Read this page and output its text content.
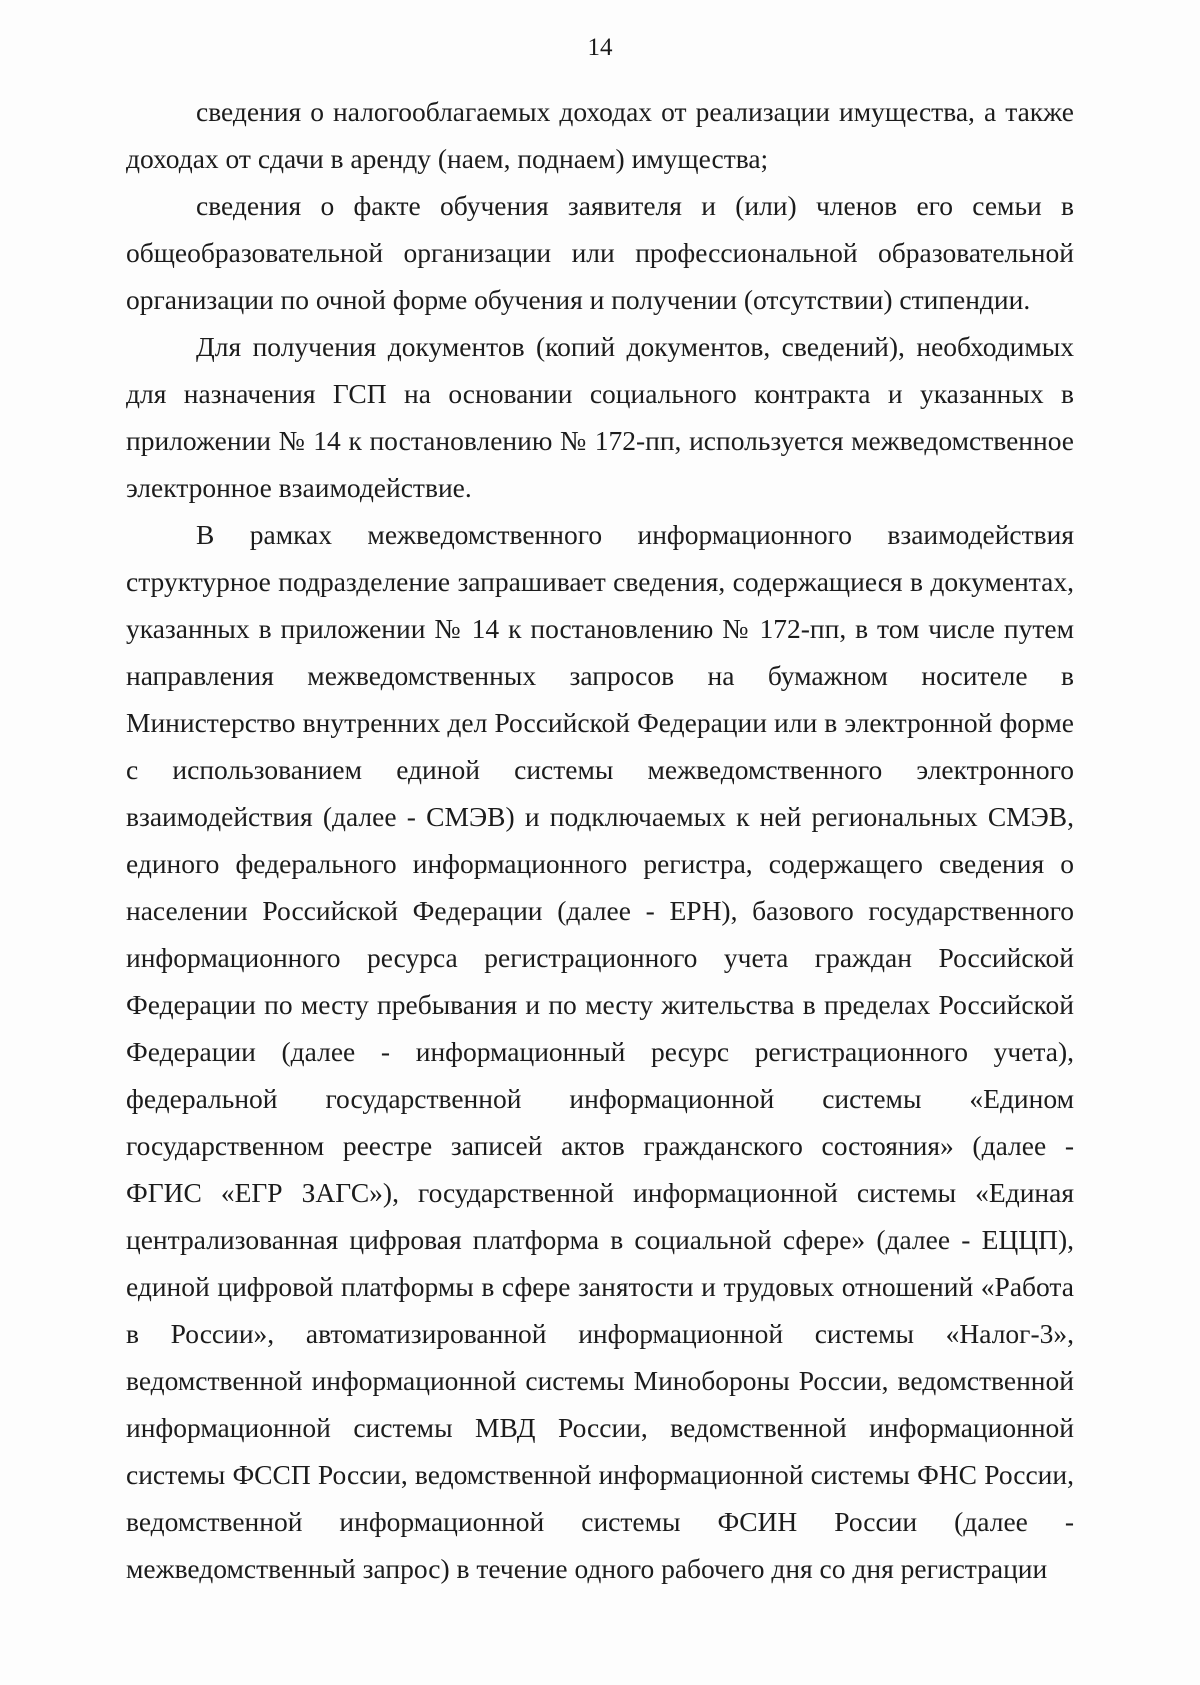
14

сведения о налогооблагаемых доходах от реализации имущества, а также доходах от сдачи в аренду (наем, поднаем) имущества;

сведения о факте обучения заявителя и (или) членов его семьи в общеобразовательной организации или профессиональной образовательной организации по очной форме обучения и получении (отсутствии) стипендии.

Для получения документов (копий документов, сведений), необходимых для назначения ГСП на основании социального контракта и указанных в приложении № 14 к постановлению № 172-пп, используется межведомственное электронное взаимодействие.

В рамках межведомственного информационного взаимодействия структурное подразделение запрашивает сведения, содержащиеся в документах, указанных в приложении № 14 к постановлению № 172-пп, в том числе путем направления межведомственных запросов на бумажном носителе в Министерство внутренних дел Российской Федерации или в электронной форме с использованием единой системы межведомственного электронного взаимодействия (далее - СМЭВ) и подключаемых к ней региональных СМЭВ, единого федерального информационного регистра, содержащего сведения о населении Российской Федерации (далее - ЕРН), базового государственного информационного ресурса регистрационного учета граждан Российской Федерации по месту пребывания и по месту жительства в пределах Российской Федерации (далее - информационный ресурс регистрационного учета), федеральной государственной информационной системы «Едином государственном реестре записей актов гражданского состояния» (далее - ФГИС «ЕГР ЗАГС»), государственной информационной системы «Единая централизованная цифровая платформа в социальной сфере» (далее - ЕЦЦП), единой цифровой платформы в сфере занятости и трудовых отношений «Работа в России», автоматизированной информационной системы «Налог-3», ведомственной информационной системы Минобороны России, ведомственной информационной системы МВД России, ведомственной информационной системы ФССП России, ведомственной информационной системы ФНС России, ведомственной информационной системы ФСИН России (далее - межведомственный запрос) в течение одного рабочего дня со дня регистрации
